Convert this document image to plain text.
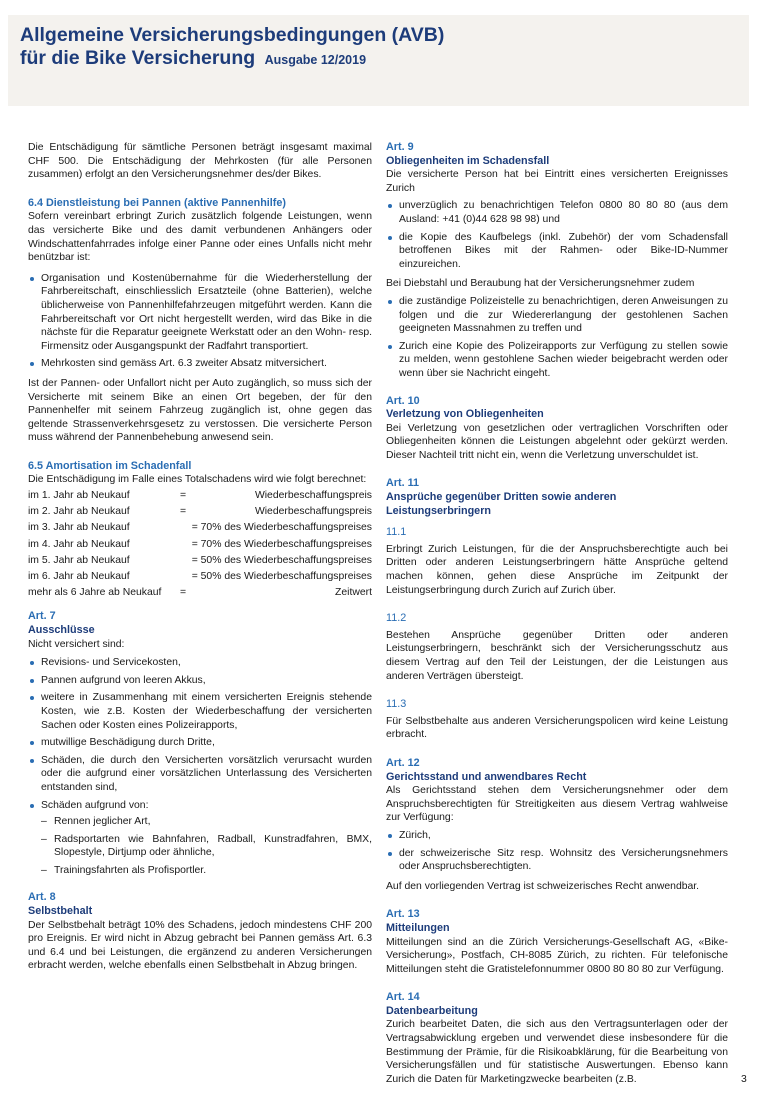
Allgemeine Versicherungsbedingungen (AVB)
für die Bike Versicherung Ausgabe 12/2019

Die Entschädigung für sämtliche Personen beträgt insgesamt maximal CHF 500. Die Entschädigung der Mehrkosten (für alle Personen zusammen) erfolgt an den Versicherungsnehmer des/der Bikes.

6.4 Dienstleistung bei Pannen (aktive Pannenhilfe)

Sofern vereinbart erbringt Zurich zusätzlich folgende Leistungen, wenn das versicherte Bike und des damit verbundenen Anhängers oder Windschattenfahrrades infolge einer Panne oder eines Unfalls nicht mehr benützbar ist:

Organisation und Kostenübernahme für die Wiederherstellung der Fahrbereitschaft, einschliesslich Ersatzteile (ohne Batterien), welche üblicherweise von Pannenhilfefahrzeugen mitgeführt werden. Kann die Fahrbereitschaft vor Ort nicht hergestellt werden, wird das Bike in die nächste für die Reparatur geeignete Werkstatt oder an den Wohn- resp. Firmensitz oder Ausgangspunkt der Radfahrt transportiert.
Mehrkosten sind gemäss Art. 6.3 zweiter Absatz mitversichert.

Ist der Pannen- oder Unfallort nicht per Auto zugänglich, so muss sich der Versicherte mit seinem Bike an einen Ort begeben, der für den Pannenhelfer mit seinem Fahrzeug zugänglich ist, ohne gegen das geltende Strassenverkehrsgesetz zu verstossen. Die versicherte Person muss während der Pannenbehebung anwesend sein.

6.5 Amortisation im Schadenfall

Die Entschädigung im Falle eines Totalschadens wird wie folgt berechnet:

im 1. Jahr ab Neukauf	=	Wiederbeschaffungspreis
im 2. Jahr ab Neukauf	=	Wiederbeschaffungspreis
im 3. Jahr ab Neukauf		= 70% des Wiederbeschaffungspreises
im 4. Jahr ab Neukauf		= 70% des Wiederbeschaffungspreises
im 5. Jahr ab Neukauf		= 50% des Wiederbeschaffungspreises
im 6. Jahr ab Neukauf		= 50% des Wiederbeschaffungspreises
mehr als 6 Jahre ab Neukauf	=	Zeitwert
Art. 7
Ausschlüsse

Nicht versichert sind:

Revisions- und Servicekosten,
Pannen aufgrund von leeren Akkus,
weitere in Zusammenhang mit einem versicherten Ereignis stehende Kosten, wie z.B. Kosten der Wiederbeschaffung der versicherten Sachen oder Kosten eines Polizeirapports,
mutwillige Beschädigung durch Dritte,
Schäden, die durch den Versicherten vorsätzlich verursacht wurden oder die aufgrund einer vorsätzlichen Unterlassung des Versicherten entstanden sind,
Schäden aufgrund von:
– Rennen jeglicher Art,
– Radsportarten wie Bahnfahren, Radball, Kunstradfahren, BMX, Slopestyle, Dirtjump oder ähnliche,
– Trainingsfahrten als Profisportler.
Art. 8
Selbstbehalt

Der Selbstbehalt beträgt 10% des Schadens, jedoch mindestens CHF 200 pro Ereignis. Er wird nicht in Abzug gebracht bei Pannen gemäss Art. 6.3 und 6.4 und bei Leistungen, die ergänzend zu anderen Versicherungen erbracht werden, welche ebenfalls einen Selbstbehalt in Abzug bringen.

Art. 9
Obliegenheiten im Schadensfall

Die versicherte Person hat bei Eintritt eines versicherten Ereignisses Zurich

unverzüglich zu benachrichtigen Telefon 0800 80 80 80 (aus dem Ausland: +41 (0)44 628 98 98) und
die Kopie des Kaufbelegs (inkl. Zubehör) der vom Schadensfall betroffenen Bikes mit der Rahmen- oder Bike-ID-Nummer einzureichen.

Bei Diebstahl und Beraubung hat der Versicherungsnehmer zudem

die zuständige Polizeistelle zu benachrichtigen, deren Anweisungen zu folgen und die zur Wiedererlangung der gestohlenen Sachen geeigneten Massnahmen zu treffen und
Zurich eine Kopie des Polizeirapports zur Verfügung zu stellen sowie zu melden, wenn gestohlene Sachen wieder beigebracht werden oder wenn über sie Nachricht eingeht.
Art. 10
Verletzung von Obliegenheiten

Bei Verletzung von gesetzlichen oder vertraglichen Vorschriften oder Obliegenheiten können die Leistungen abgelehnt oder gekürzt werden. Dieser Nachteil tritt nicht ein, wenn die Verletzung unverschuldet ist.

Art. 11
Ansprüche gegenüber Dritten sowie anderen
Leistungserbringern
11.1

Erbringt Zurich Leistungen, für die der Anspruchsberechtigte auch bei Dritten oder anderen Leistungserbringern hätte Ansprüche geltend machen können, gehen diese Ansprüche im Zeitpunkt der Leistungserbringung durch Zurich auf Zurich über.

11.2

Bestehen Ansprüche gegenüber Dritten oder anderen Leistungserbringern, beschränkt sich der Versicherungsschutz aus diesem Vertrag auf den Teil der Leistungen, der die Leistungen aus anderen Verträgen übersteigt.

11.3

Für Selbstbehalte aus anderen Versicherungspolicen wird keine Leistung erbracht.

Art. 12
Gerichtsstand und anwendbares Recht

Als Gerichtsstand stehen dem Versicherungsnehmer oder dem Anspruchsberechtigten für Streitigkeiten aus diesem Vertrag wahlweise zur Verfügung:

Zürich,
der schweizerische Sitz resp. Wohnsitz des Versicherungsnehmers oder Anspruchsberechtigten.

Auf den vorliegenden Vertrag ist schweizerisches Recht anwendbar.

Art. 13
Mitteilungen

Mitteilungen sind an die Zürich Versicherungs-Gesellschaft AG, «Bike-Versicherung», Postfach, CH-8085 Zürich, zu richten. Für telefonische Mitteilungen steht die Gratistelefonnummer 0800 80 80 80 zur Verfügung.

Art. 14
Datenbearbeitung

Zurich bearbeitet Daten, die sich aus den Vertragsunterlagen oder der Vertragsabwicklung ergeben und verwendet diese insbesondere für die Bestimmung der Prämie, für die Risikoabklärung, für die Bearbeitung von Versicherungsfällen und für statistische Auswertungen. Ebenso kann Zurich die Daten für Marketingzwecke bearbeiten (z.B.	3
